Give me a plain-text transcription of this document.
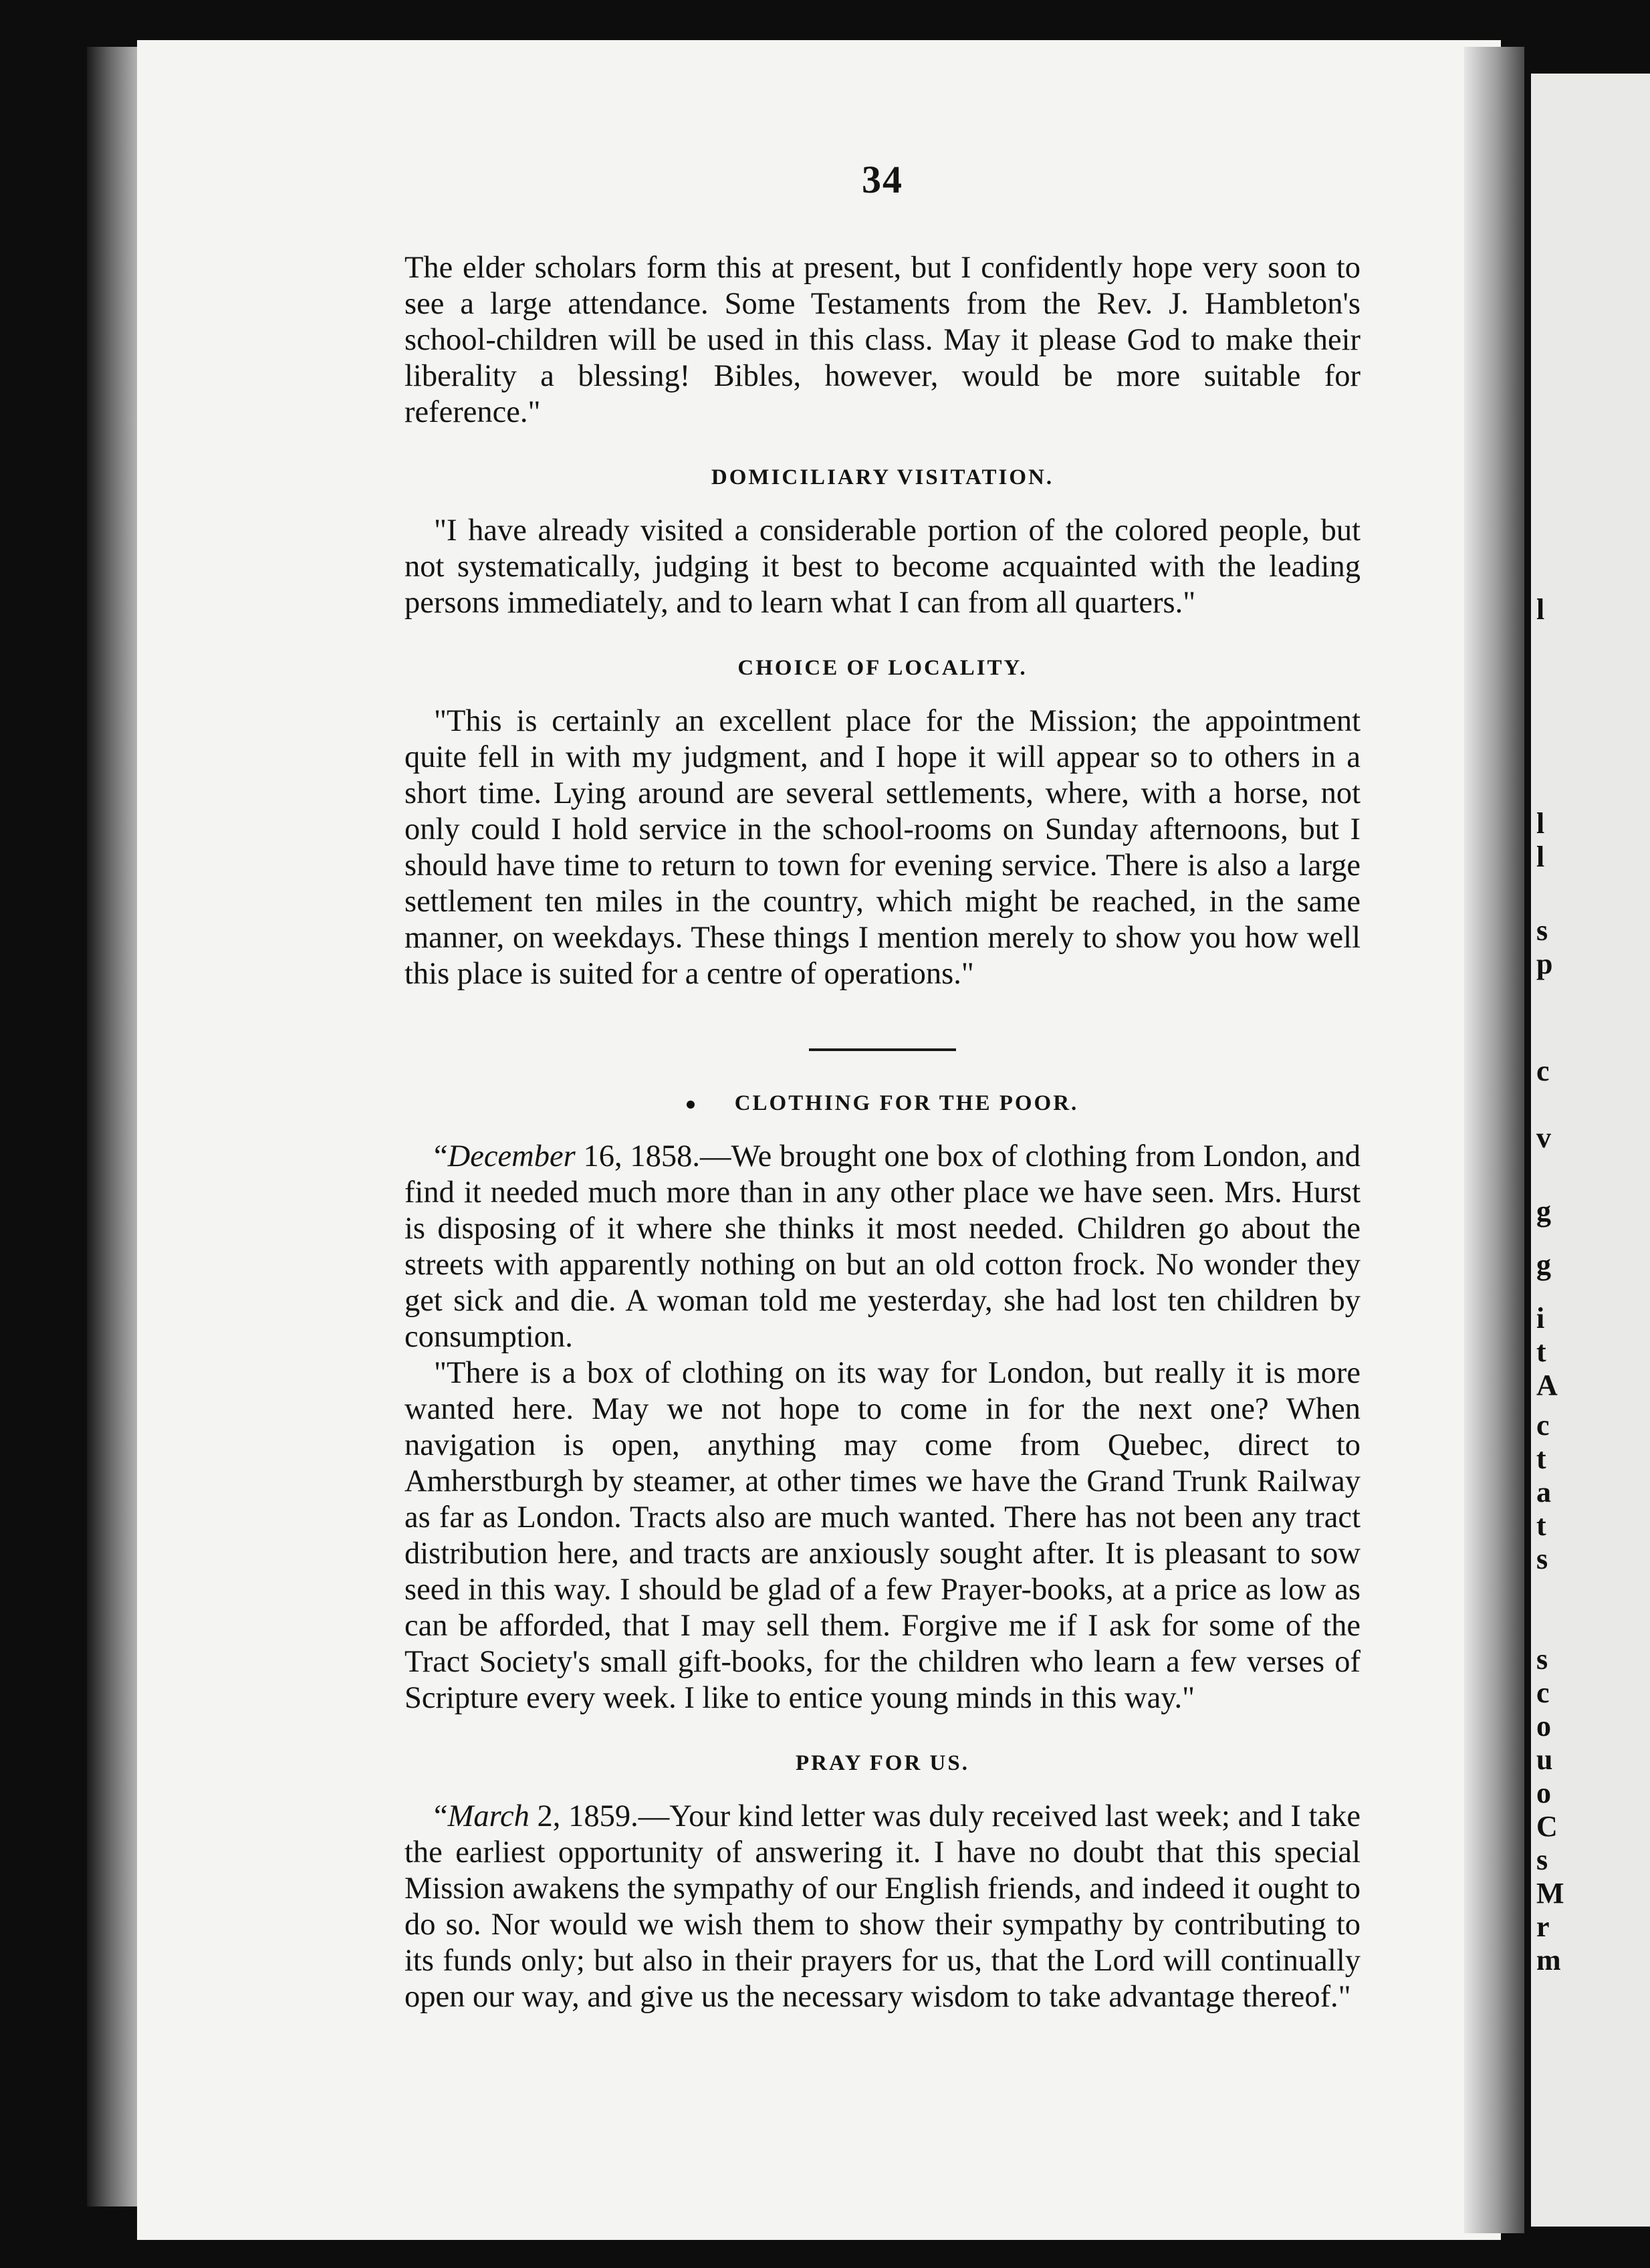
l
l
l
s
p
c
v
g
g
i
t
A
c
t
a
t
s
s
c
o
u
o
C
s
M
r
m
34

The elder scholars form this at present, but I confidently hope very soon to see a large attendance. Some Testaments from the Rev. J. Hambleton's school-children will be used in this class. May it please God to make their liberality a blessing! Bibles, however, would be more suitable for reference."

DOMICILIARY VISITATION.

"I have already visited a considerable portion of the colored people, but not systematically, judging it best to become acquainted with the leading persons immediately, and to learn what I can from all quarters."

CHOICE OF LOCALITY.

"This is certainly an excellent place for the Mission; the appointment quite fell in with my judgment, and I hope it will appear so to others in a short time. Lying around are several settlements, where, with a horse, not only could I hold service in the school-rooms on Sunday afternoons, but I should have time to return to town for evening service. There is also a large settlement ten miles in the country, which might be reached, in the same manner, on weekdays. These things I mention merely to show you how well this place is suited for a centre of operations."

CLOTHING FOR THE POOR.

“December 16, 1858.—We brought one box of clothing from London, and find it needed much more than in any other place we have seen. Mrs. Hurst is disposing of it where she thinks it most needed. Children go about the streets with apparently nothing on but an old cotton frock. No wonder they get sick and die. A woman told me yesterday, she had lost ten children by consumption.

"There is a box of clothing on its way for London, but really it is more wanted here. May we not hope to come in for the next one? When navigation is open, anything may come from Quebec, direct to Amherstburgh by steamer, at other times we have the Grand Trunk Railway as far as London. Tracts also are much wanted. There has not been any tract distribution here, and tracts are anxiously sought after. It is pleasant to sow seed in this way. I should be glad of a few Prayer-books, at a price as low as can be afforded, that I may sell them. Forgive me if I ask for some of the Tract Society's small gift-books, for the children who learn a few verses of Scripture every week. I like to entice young minds in this way."

PRAY FOR US.

“March 2, 1859.—Your kind letter was duly received last week; and I take the earliest opportunity of answering it. I have no doubt that this special Mission awakens the sympathy of our English friends, and indeed it ought to do so. Nor would we wish them to show their sympathy by contributing to its funds only; but also in their prayers for us, that the Lord will continually open our way, and give us the necessary wisdom to take advantage thereof."
